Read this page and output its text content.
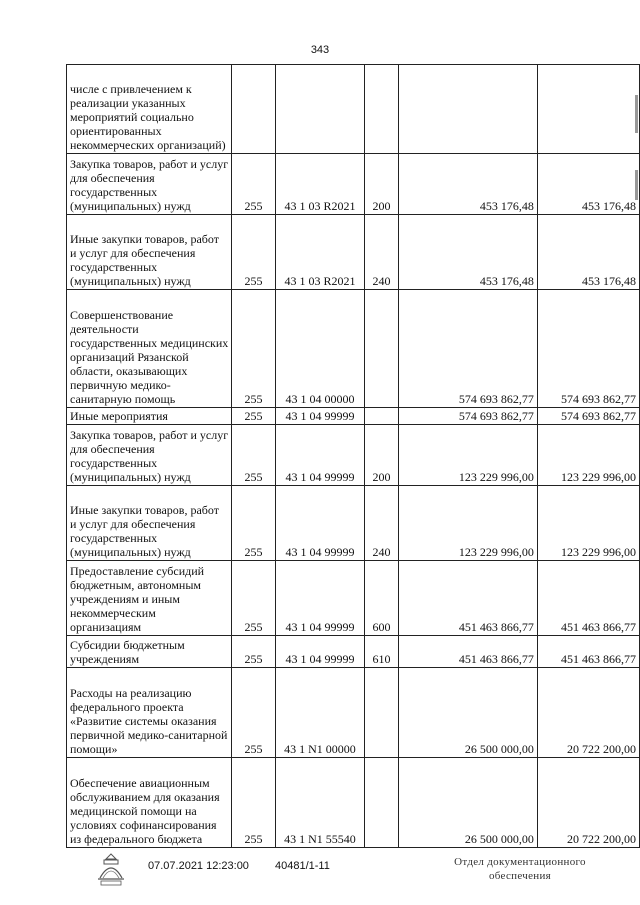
343
числе с привлечением к реализации указанных мероприятий социально ориентированных некоммерческих организаций)					
Закупка товаров, работ и услуг для обеспечения государственных (муниципальных) нужд	255	43 1 03 R2021	200	453 176,48	453 176,48
Иные закупки товаров, работ и услуг для обеспечения государственных (муниципальных) нужд	255	43 1 03 R2021	240	453 176,48	453 176,48
Совершенствование деятельности государственных медицинских организаций Рязанской области, оказывающих первичную медико-санитарную помощь	255	43 1 04 00000		574 693 862,77	574 693 862,77
Иные мероприятия	255	43 1 04 99999		574 693 862,77	574 693 862,77
Закупка товаров, работ и услуг для обеспечения государственных (муниципальных) нужд	255	43 1 04 99999	200	123 229 996,00	123 229 996,00
Иные закупки товаров, работ и услуг для обеспечения государственных (муниципальных) нужд	255	43 1 04 99999	240	123 229 996,00	123 229 996,00
Предоставление субсидий бюджетным, автономным учреждениям и иным некоммерческим организациям	255	43 1 04 99999	600	451 463 866,77	451 463 866,77
Субсидии бюджетным учреждениям	255	43 1 04 99999	610	451 463 866,77	451 463 866,77
Расходы на реализацию федерального проекта «Развитие системы оказания первичной медико-санитарной помощи»	255	43 1 N1 00000		26 500 000,00	20 722 200,00
Обеспечение авиационным обслуживанием для оказания медицинской помощи на условиях софинансирования из федерального бюджета	255	43 1 N1 55540		26 500 000,00	20 722 200,00
07.07.2021 12:23:00 40481/1-11	Отдел документационного
обеспечения
